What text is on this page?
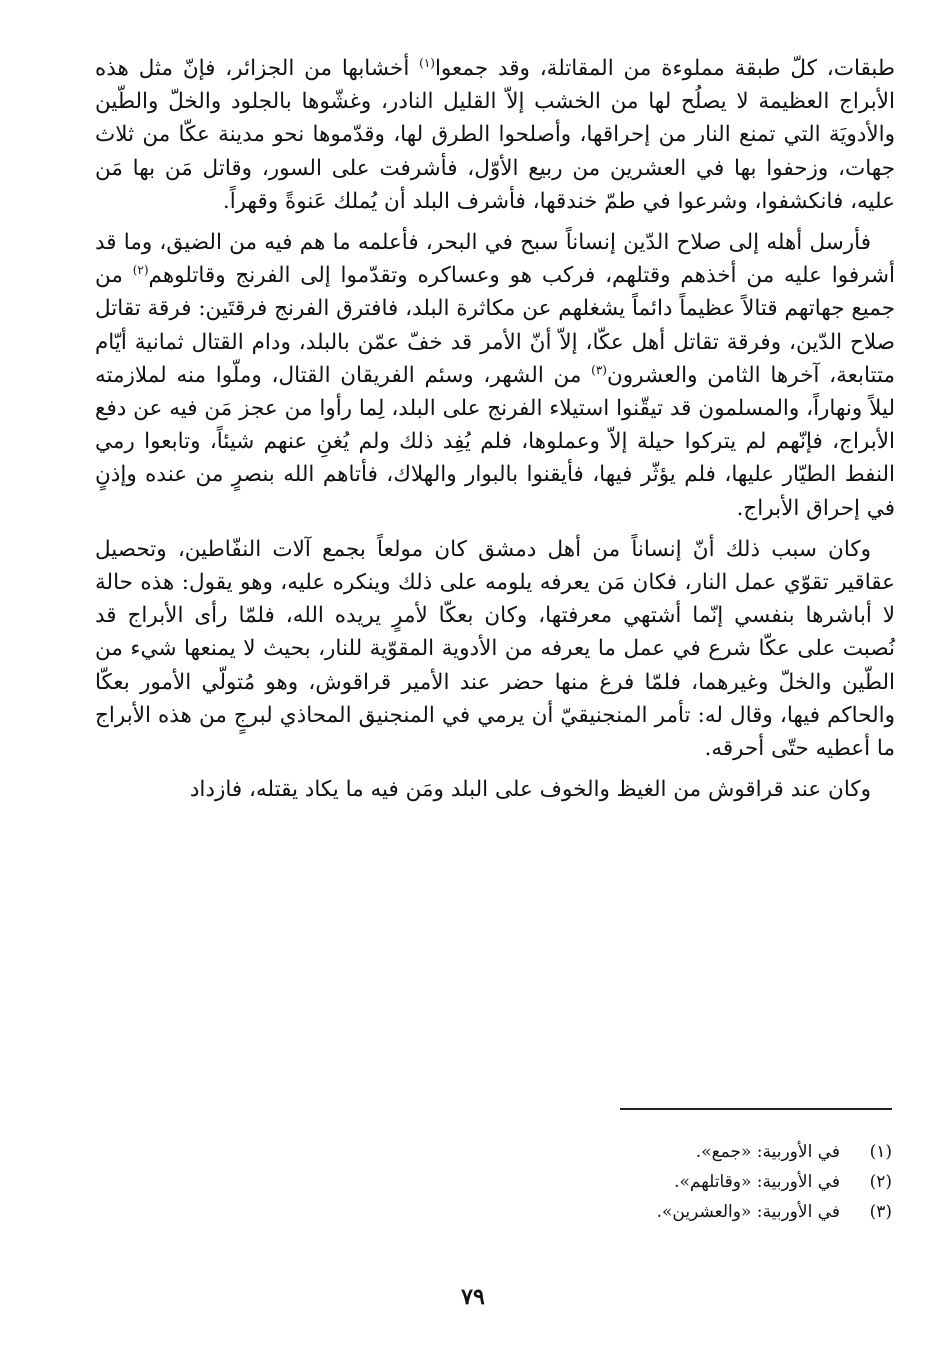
طبقات، كلّ طبقة مملوءة من المقاتلة، وقد جمعوا$^{(١)}$ أخشابها من الجزائر، فإنّ مثل هذه الأبراج العظيمة لا يصلُح لها من الخشب إلاّ القليل النادر، وغشّوها بالجلود والخلّ والطّين والأدويَة التي تمنع النار من إحراقها، وأصلحوا الطرق لها، وقدّموها نحو مدينة عكّا من ثلاث جهات، وزحفوا بها في العشرين من ربيع الأوّل، فأشرفت على السور، وقاتل مَن بها مَن عليه، فانكشفوا، وشرعوا في طمّ خندقها، فأشرف البلد أن يُملك عَنوةً وقهراً.

فأرسل أهله إلى صلاح الدّين إنساناً سبح في البحر، فأعلمه ما هم فيه من الضيق، وما قد أشرفوا عليه من أخذهم وقتلهم، فركب هو وعساكره وتقدّموا إلى الفرنج وقاتلوهم$^{(٢)}$ من جميع جهاتهم قتالاً عظيماً دائماً يشغلهم عن مكاثرة البلد، فافترق الفرنج فرقتَين: فرقة تقاتل صلاح الدّين، وفرقة تقاتل أهل عكّا، إلاّ أنّ الأمر قد خفّ عمّن بالبلد، ودام القتال ثمانية أيّام متتابعة، آخرها الثامن والعشرون$^{(٣)}$ من الشهر، وسئم الفريقان القتال، وملّوا منه لملازمته ليلاً ونهاراً، والمسلمون قد تيقّنوا استيلاء الفرنج على البلد، لِما رأوا من عجز مَن فيه عن دفع الأبراج، فإنّهم لم يتركوا حيلة إلاّ وعملوها، فلم يُفِد ذلك ولم يُغنِ عنهم شيئاً، وتابعوا رمي النفط الطيّار عليها، فلم يؤثّر فيها، فأيقنوا بالبوار والهلاك، فأتاهم الله بنصرٍ من عنده وإذنٍ في إحراق الأبراج.

وكان سبب ذلك أنّ إنساناً من أهل دمشق كان مولعاً بجمع آلات النفّاطين، وتحصيل عقاقير تقوّي عمل النار، فكان مَن يعرفه يلومه على ذلك وينكره عليه، وهو يقول: هذه حالة لا أباشرها بنفسي إنّما أشتهي معرفتها، وكان بعكّا لأمرٍ يريده الله، فلمّا رأى الأبراج قد نُصبت على عكّا شرع في عمل ما يعرفه من الأدوية المقوّية للنار، بحيث لا يمنعها شيء من الطّين والخلّ وغيرهما، فلمّا فرغ منها حضر عند الأمير قراقوش، وهو مُتولّي الأمور بعكّا والحاكم فيها، وقال له: تأمر المنجنيقيّ أن يرمي في المنجنيق المحاذي لبرجٍ من هذه الأبراج ما أعطيه حتّى أحرقه.

وكان عند قراقوش من الغيظ والخوف على البلد ومَن فيه ما يكاد يقتله، فازداد

(١)
في الأوربية: «جمع».
(٢)
في الأوربية: «وقاتلهم».
(٣)
في الأوربية: «والعشرين».
٧٩
